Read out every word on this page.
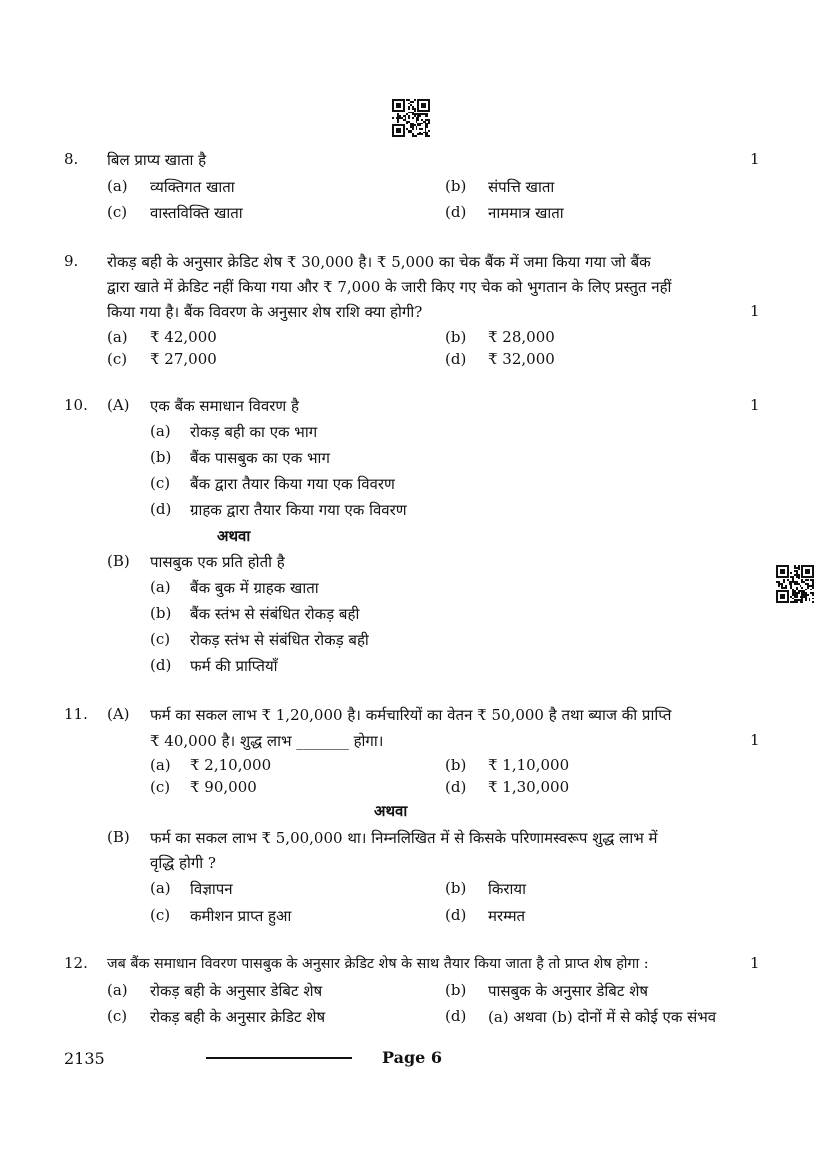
8. बिल प्राप्य खाता है	1
(a) व्यक्तिगत खाता	(b) संपत्ति खाता
(c) वास्तविक्ति खाता	(d) नाममात्र खाता
9. रोकड़ बही के अनुसार क्रेडिट शेष ₹ 30,000 है। ₹ 5,000 का चेक बैंक में जमा किया गया जो बैंक
द्वारा खाते में क्रेडिट नहीं किया गया और ₹ 7,000 के जारी किए गए चेक को भुगतान के लिए प्रस्तुत नहीं
किया गया है। बैंक विवरण के अनुसार शेष राशि क्या होगी?	1
(a) ₹ 42,000	(b) ₹ 28,000
(c) ₹ 27,000	(d) ₹ 32,000
10. (A) एक बैंक समाधान विवरण है	1
(a) रोकड़ बही का एक भाग
(b) बैंक पासबुक का एक भाग
(c) बैंक द्वारा तैयार किया गया एक विवरण
(d) ग्राहक द्वारा तैयार किया गया एक विवरण
अथवा
(B) पासबुक एक प्रति होती है
(a) बैंक बुक में ग्राहक खाता
(b) बैंक स्तंभ से संबंधित रोकड़ बही
(c) रोकड़ स्तंभ से संबंधित रोकड़ बही
(d) फर्म की प्राप्तियाँ
11. (A) फर्म का सकल लाभ ₹ 1,20,000 है। कर्मचारियों का वेतन ₹ 50,000 है तथा ब्याज की प्राप्ति
₹ 40,000 है। शुद्ध लाभ _______ होगा।	1
(a) ₹ 2,10,000	(b) ₹ 1,10,000
(c) ₹ 90,000	(d) ₹ 1,30,000
अथवा
(B) फर्म का सकल लाभ ₹ 5,00,000 था। निम्नलिखित में से किसके परिणामस्वरूप शुद्ध लाभ में
वृद्धि होगी ?
(a) विज्ञापन	(b) किराया
(c) कमीशन प्राप्त हुआ	(d) मरम्मत
12. जब बैंक समाधान विवरण पासबुक के अनुसार क्रेडिट शेष के साथ तैयार किया जाता है तो प्राप्त शेष होगा :	1
(a) रोकड़ बही के अनुसार डेबिट शेष	(b) पासबुक के अनुसार डेबिट शेष
(c) रोकड़ बही के अनुसार क्रेडिट शेष	(d) (a) अथवा (b) दोनों में से कोई एक संभव
2135	Page 6
